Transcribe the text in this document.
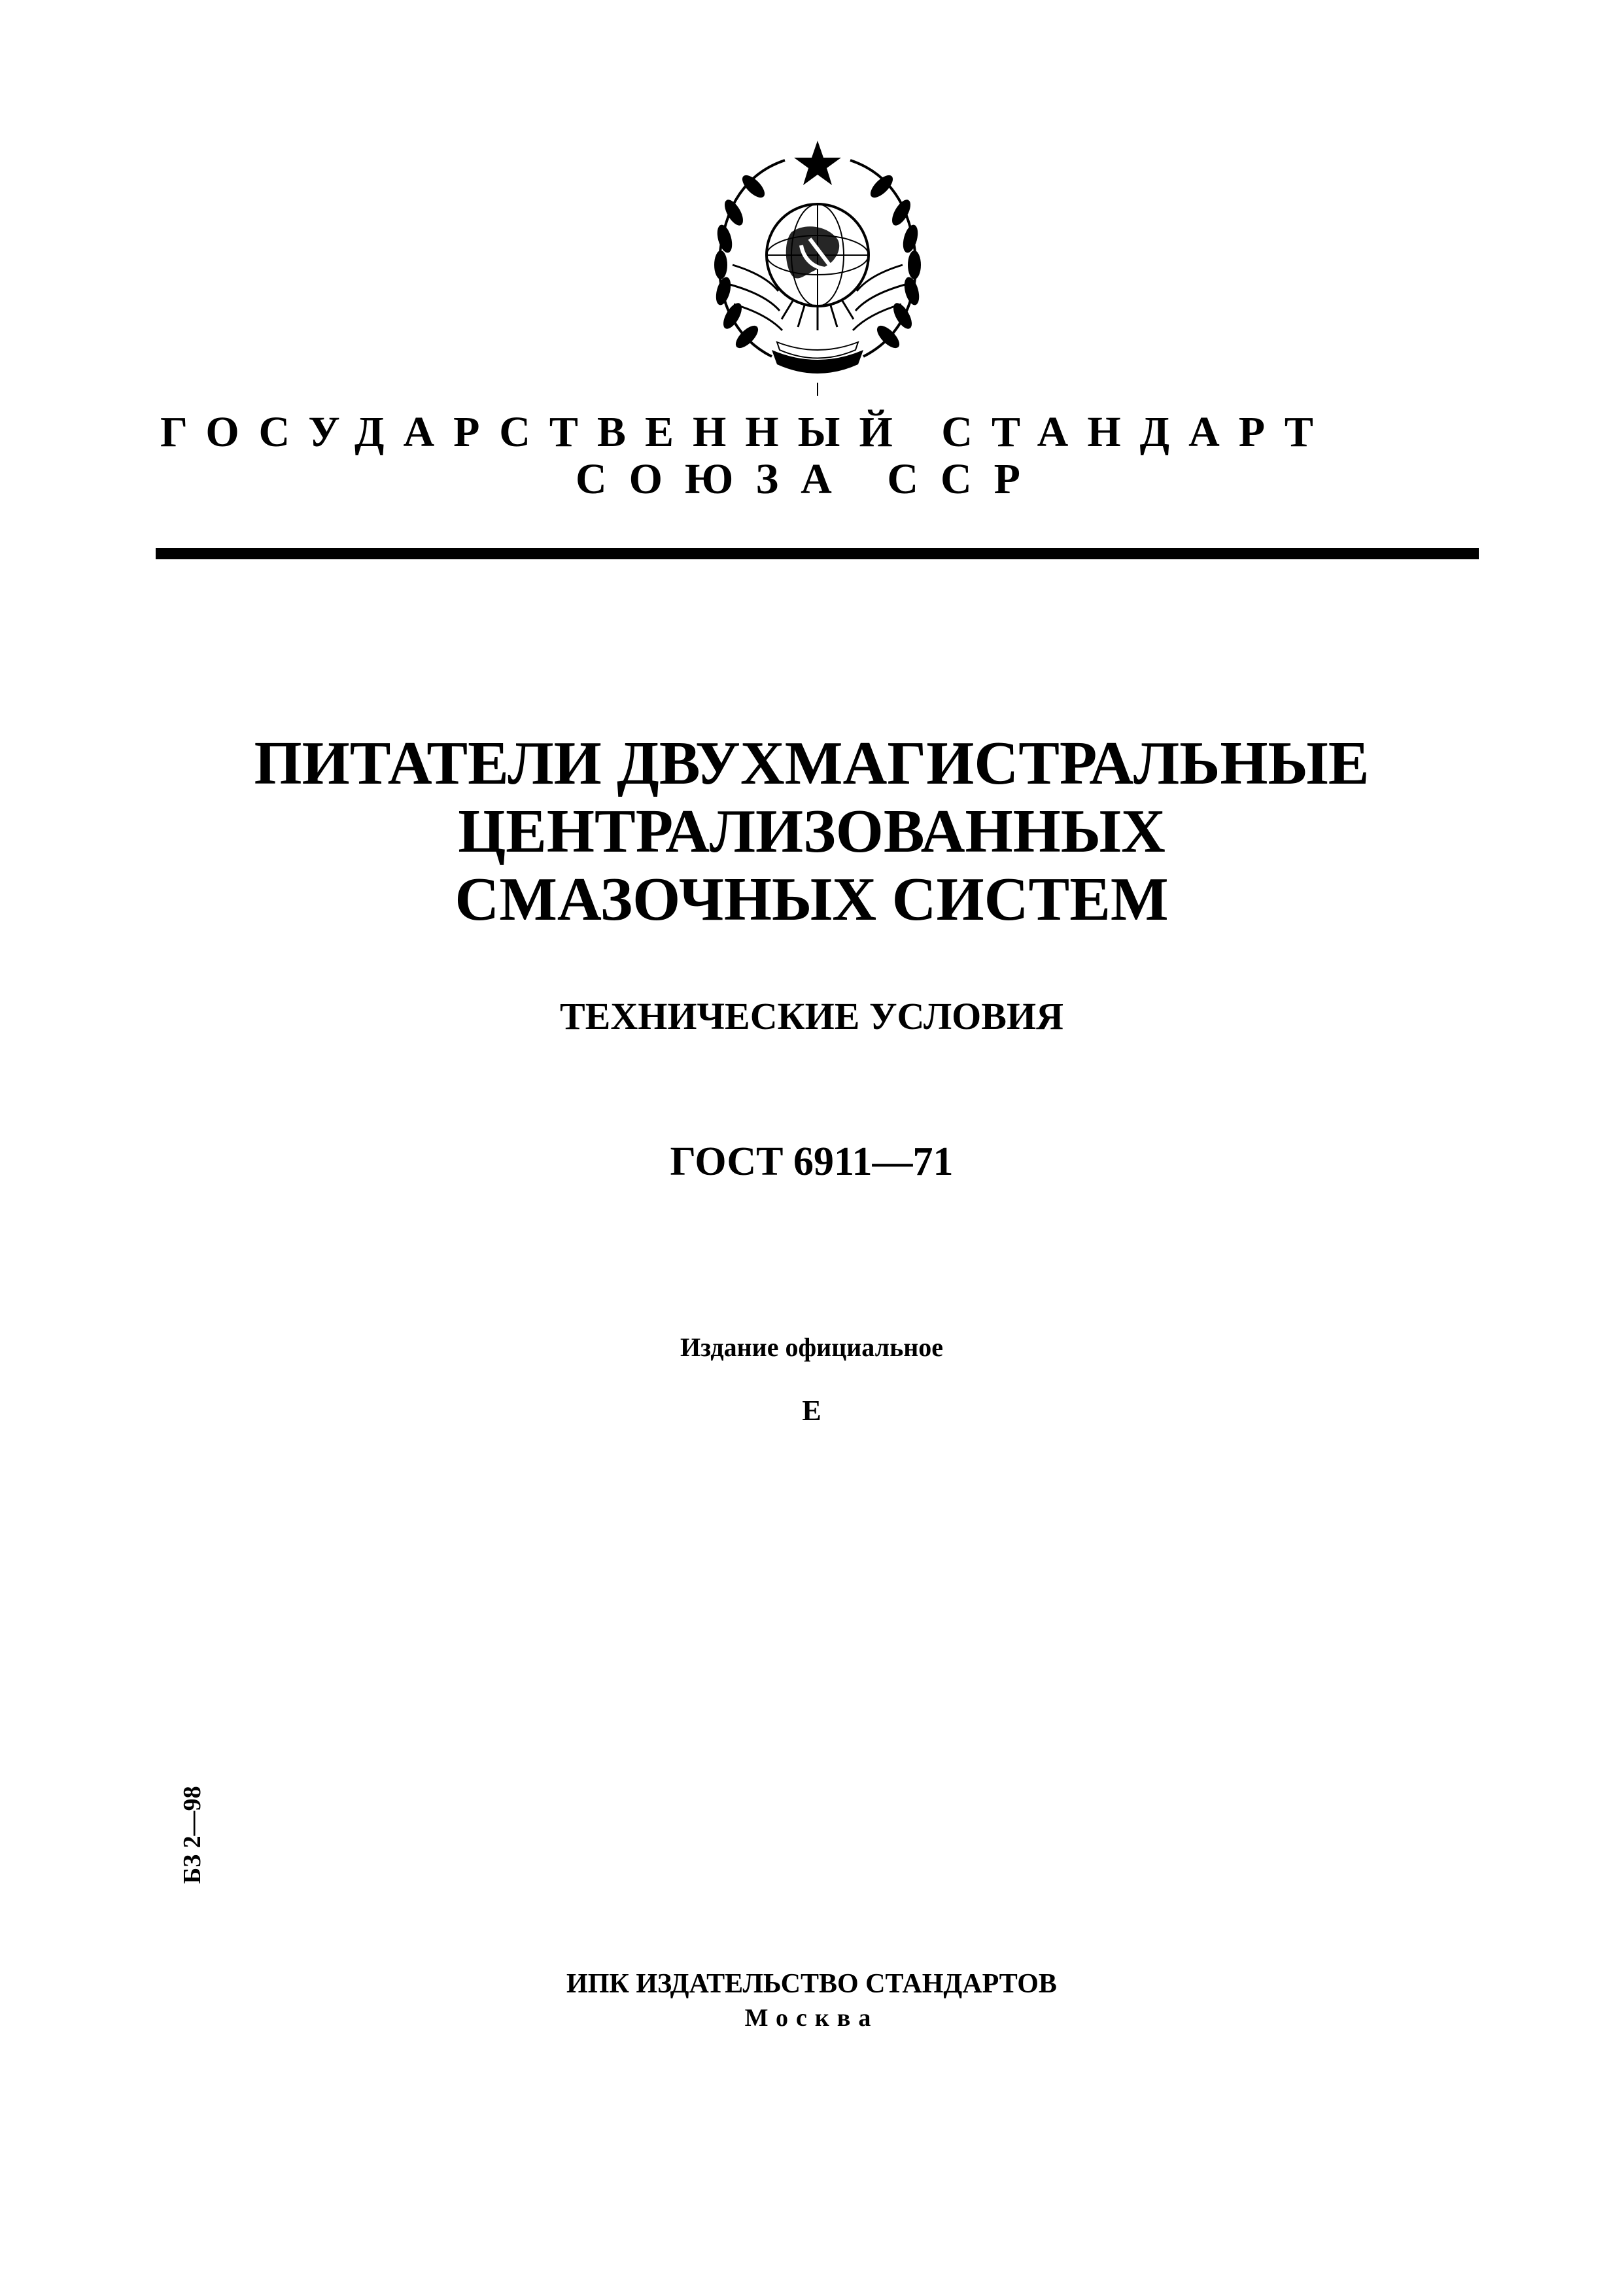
ГОСУДАРСТВЕННЫЙ СТАНДАРТ

СОЮЗА ССР

ПИТАТЕЛИ ДВУХМАГИСТРАЛЬНЫЕ
ЦЕНТРАЛИЗОВАННЫХ
СМАЗОЧНЫХ СИСТЕМ

ТЕХНИЧЕСКИЕ УСЛОВИЯ

ГОСТ 6911—71

Издание официальное

Е

БЗ 2—98

ИПК ИЗДАТЕЛЬСТВО СТАНДАРТОВ

Москва
